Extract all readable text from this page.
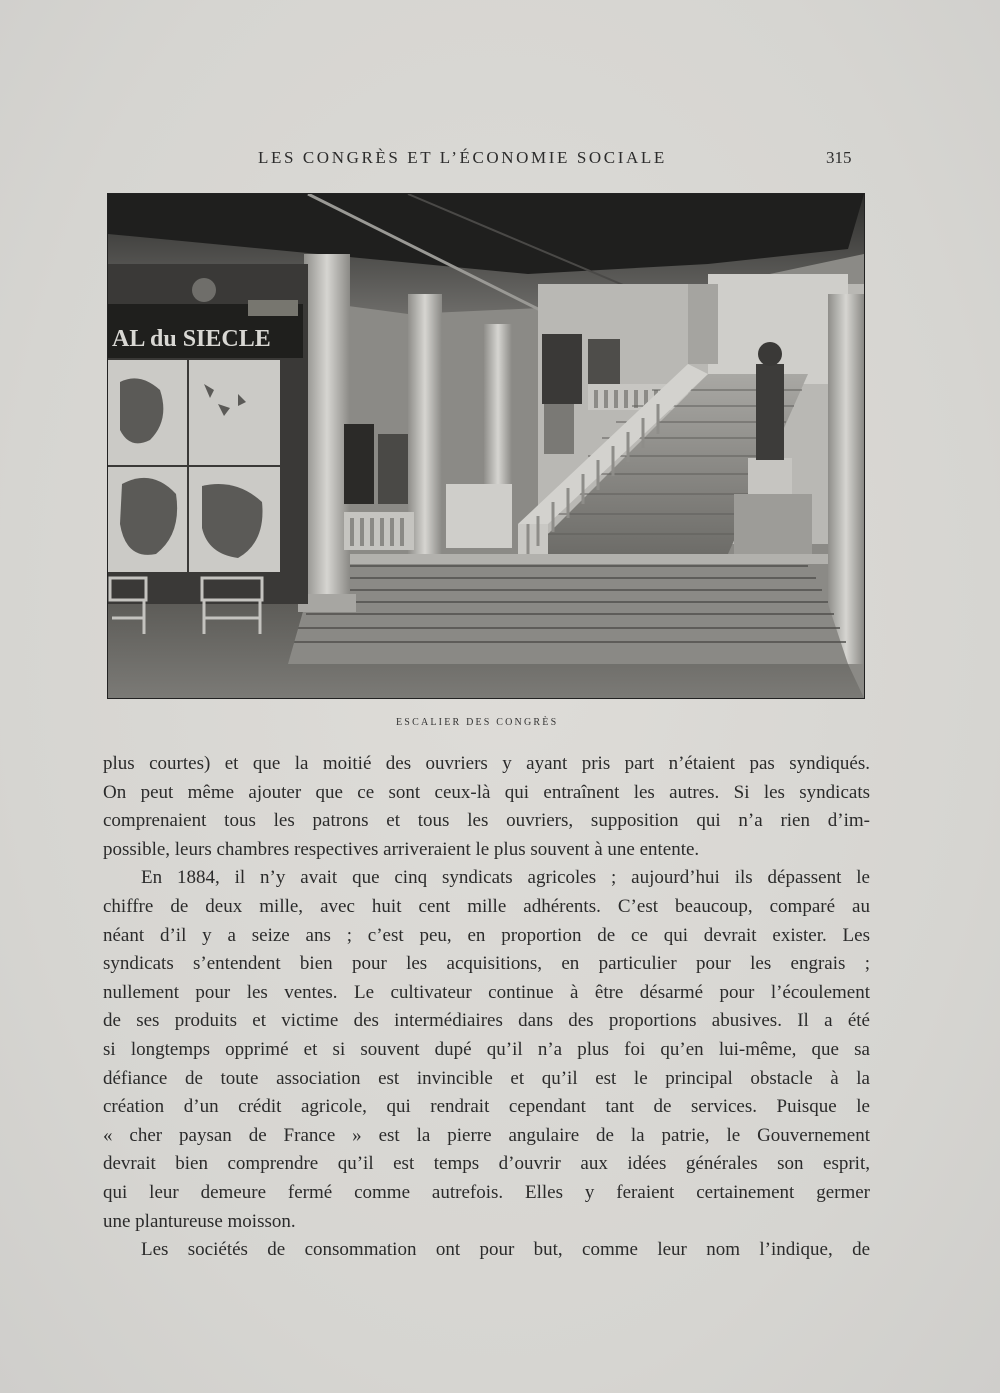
LES CONGRÈS ET L’ÉCONOMIE SOCIALE	315
AL du SIECLE
ESCALIER DES CONGRÈS

plus courtes) et que la moitié des ouvriers y ayant pris part n’étaient pas syndiqués.
On peut même ajouter que ce sont ceux-là qui entraînent les autres. Si les syndicats
comprenaient tous les patrons et tous les ouvriers, supposition qui n’a rien d’im-
possible, leurs chambres respectives arriveraient le plus souvent à une entente.

En 1884, il n’y avait que cinq syndicats agricoles ; aujourd’hui ils dépassent le
chiffre de deux mille, avec huit cent mille adhérents. C’est beaucoup, comparé au
néant d’il y a seize ans ; c’est peu, en proportion de ce qui devrait exister. Les
syndicats s’entendent bien pour les acquisitions, en particulier pour les engrais ;
nullement pour les ventes. Le cultivateur continue à être désarmé pour l’écoulement
de ses produits et victime des intermédiaires dans des proportions abusives. Il a été
si longtemps opprimé et si souvent dupé qu’il n’a plus foi qu’en lui-même, que sa
défiance de toute association est invincible et qu’il est le principal obstacle à la
création d’un crédit agricole, qui rendrait cependant tant de services. Puisque le
« cher paysan de France » est la pierre angulaire de la patrie, le Gouvernement
devrait bien comprendre qu’il est temps d’ouvrir aux idées générales son esprit,
qui leur demeure fermé comme autrefois. Elles y feraient certainement germer
une plantureuse moisson.

Les sociétés de consommation ont pour but, comme leur nom l’indique, de
